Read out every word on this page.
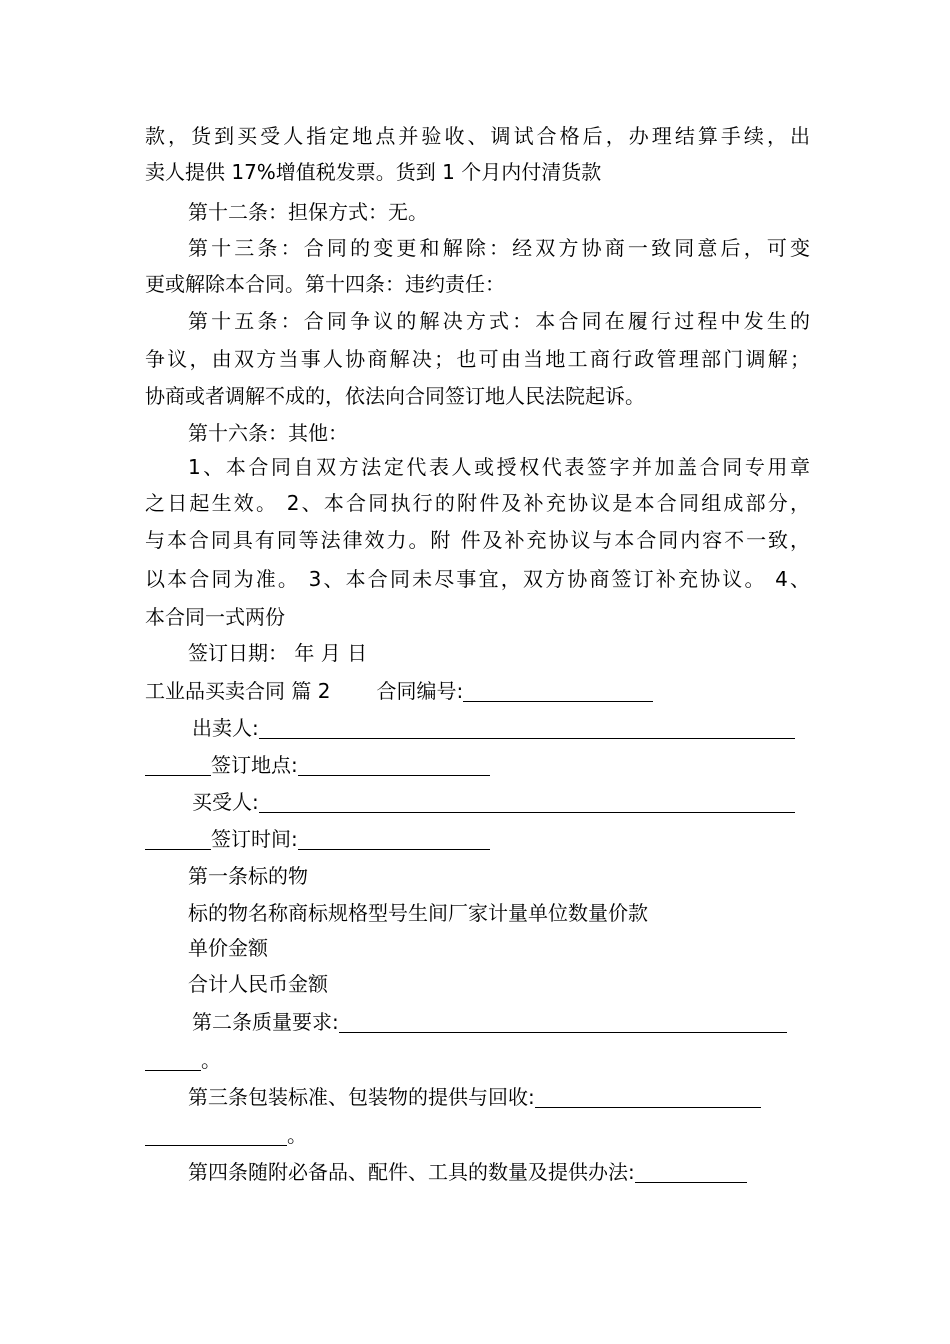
款，货到买受人指定地点并验收、调试合格后，办理结算手续，出
卖人提供 17%增值税发票。货到 1 个月内付清货款
第十二条：担保方式：无。
第十三条：合同的变更和解除：经双方协商一致同意后，可变
更或解除本合同。第十四条：违约责任：
第十五条：合同争议的解决方式：本合同在履行过程中发生的
争议，由双方当事人协商解决；也可由当地工商行政管理部门调解；
协商或者调解不成的，依法向合同签订地人民法院起诉。
第十六条：其他：
1、本合同自双方法定代表人或授权代表签字并加盖合同专用章
之日起生效。 2、本合同执行的附件及补充协议是本合同组成部分，
与本合同具有同等法律效力。附 件及补充协议与本合同内容不一致，
以本合同为准。 3、本合同未尽事宜，双方协商签订补充协议。 4、
本合同一式两份
签订日期： 年 月 日
工业品买卖合同 篇 2 合同编号:
出卖人:
签订地点:
买受人:
签订时间:
第一条标的物
标的物名称商标规格型号生间厂家计量单位数量价款
单价金额
合计人民币金额
第二条质量要求:
。
第三条包装标准、包装物的提供与回收:
。
第四条随附必备品、配件、工具的数量及提供办法:
